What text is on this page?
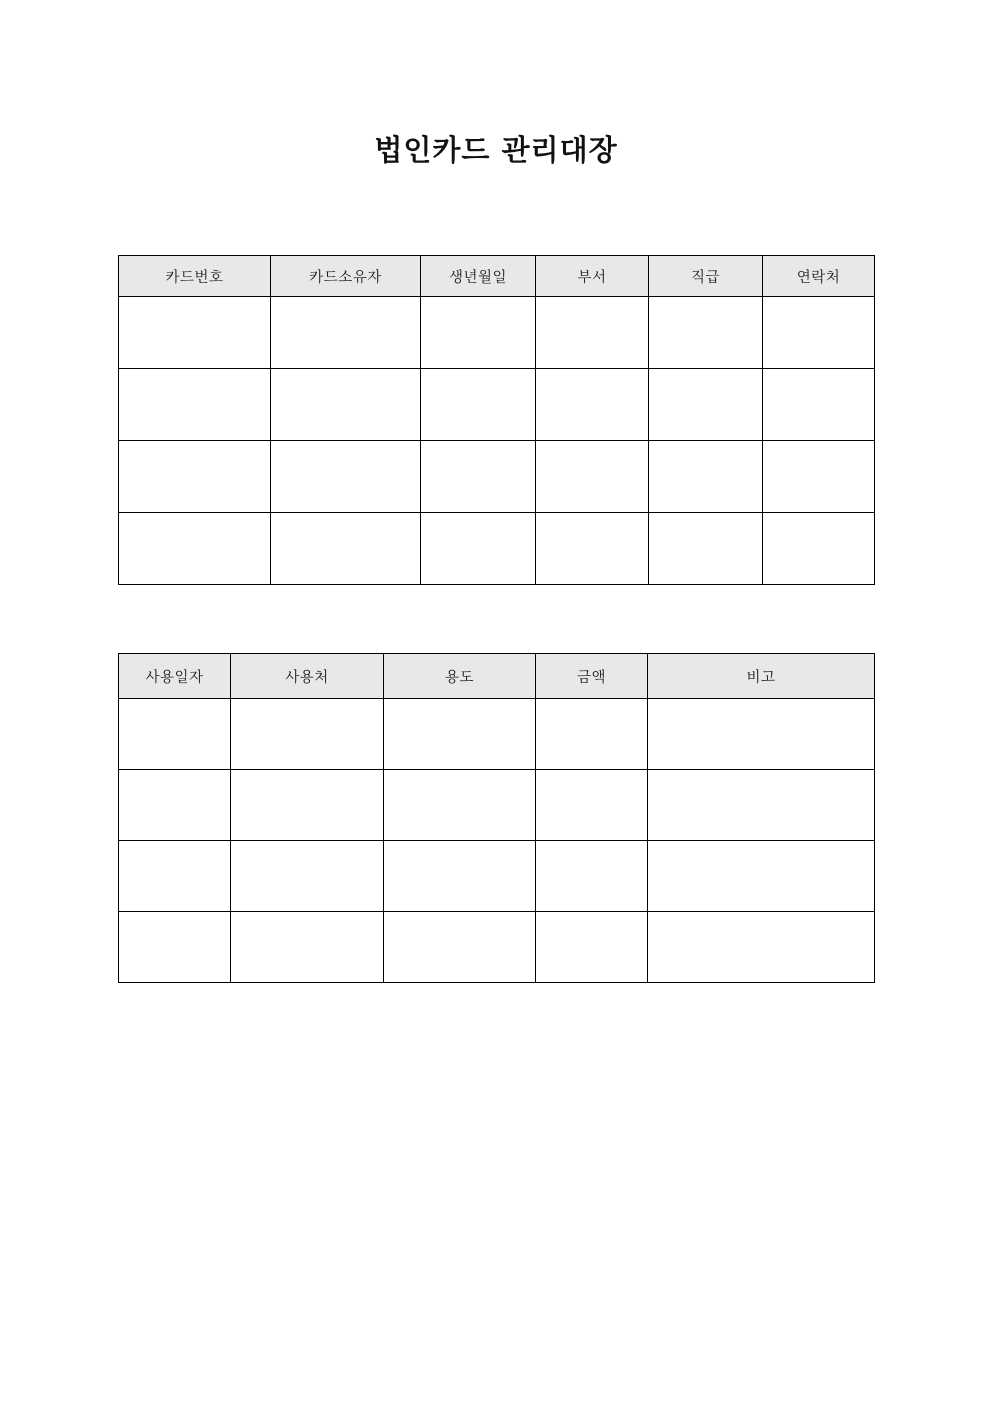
법인카드 관리대장
카드번호	카드소유자	생년월일	부서	직급	연락처

사용일자	사용처	용도	금액	비고
